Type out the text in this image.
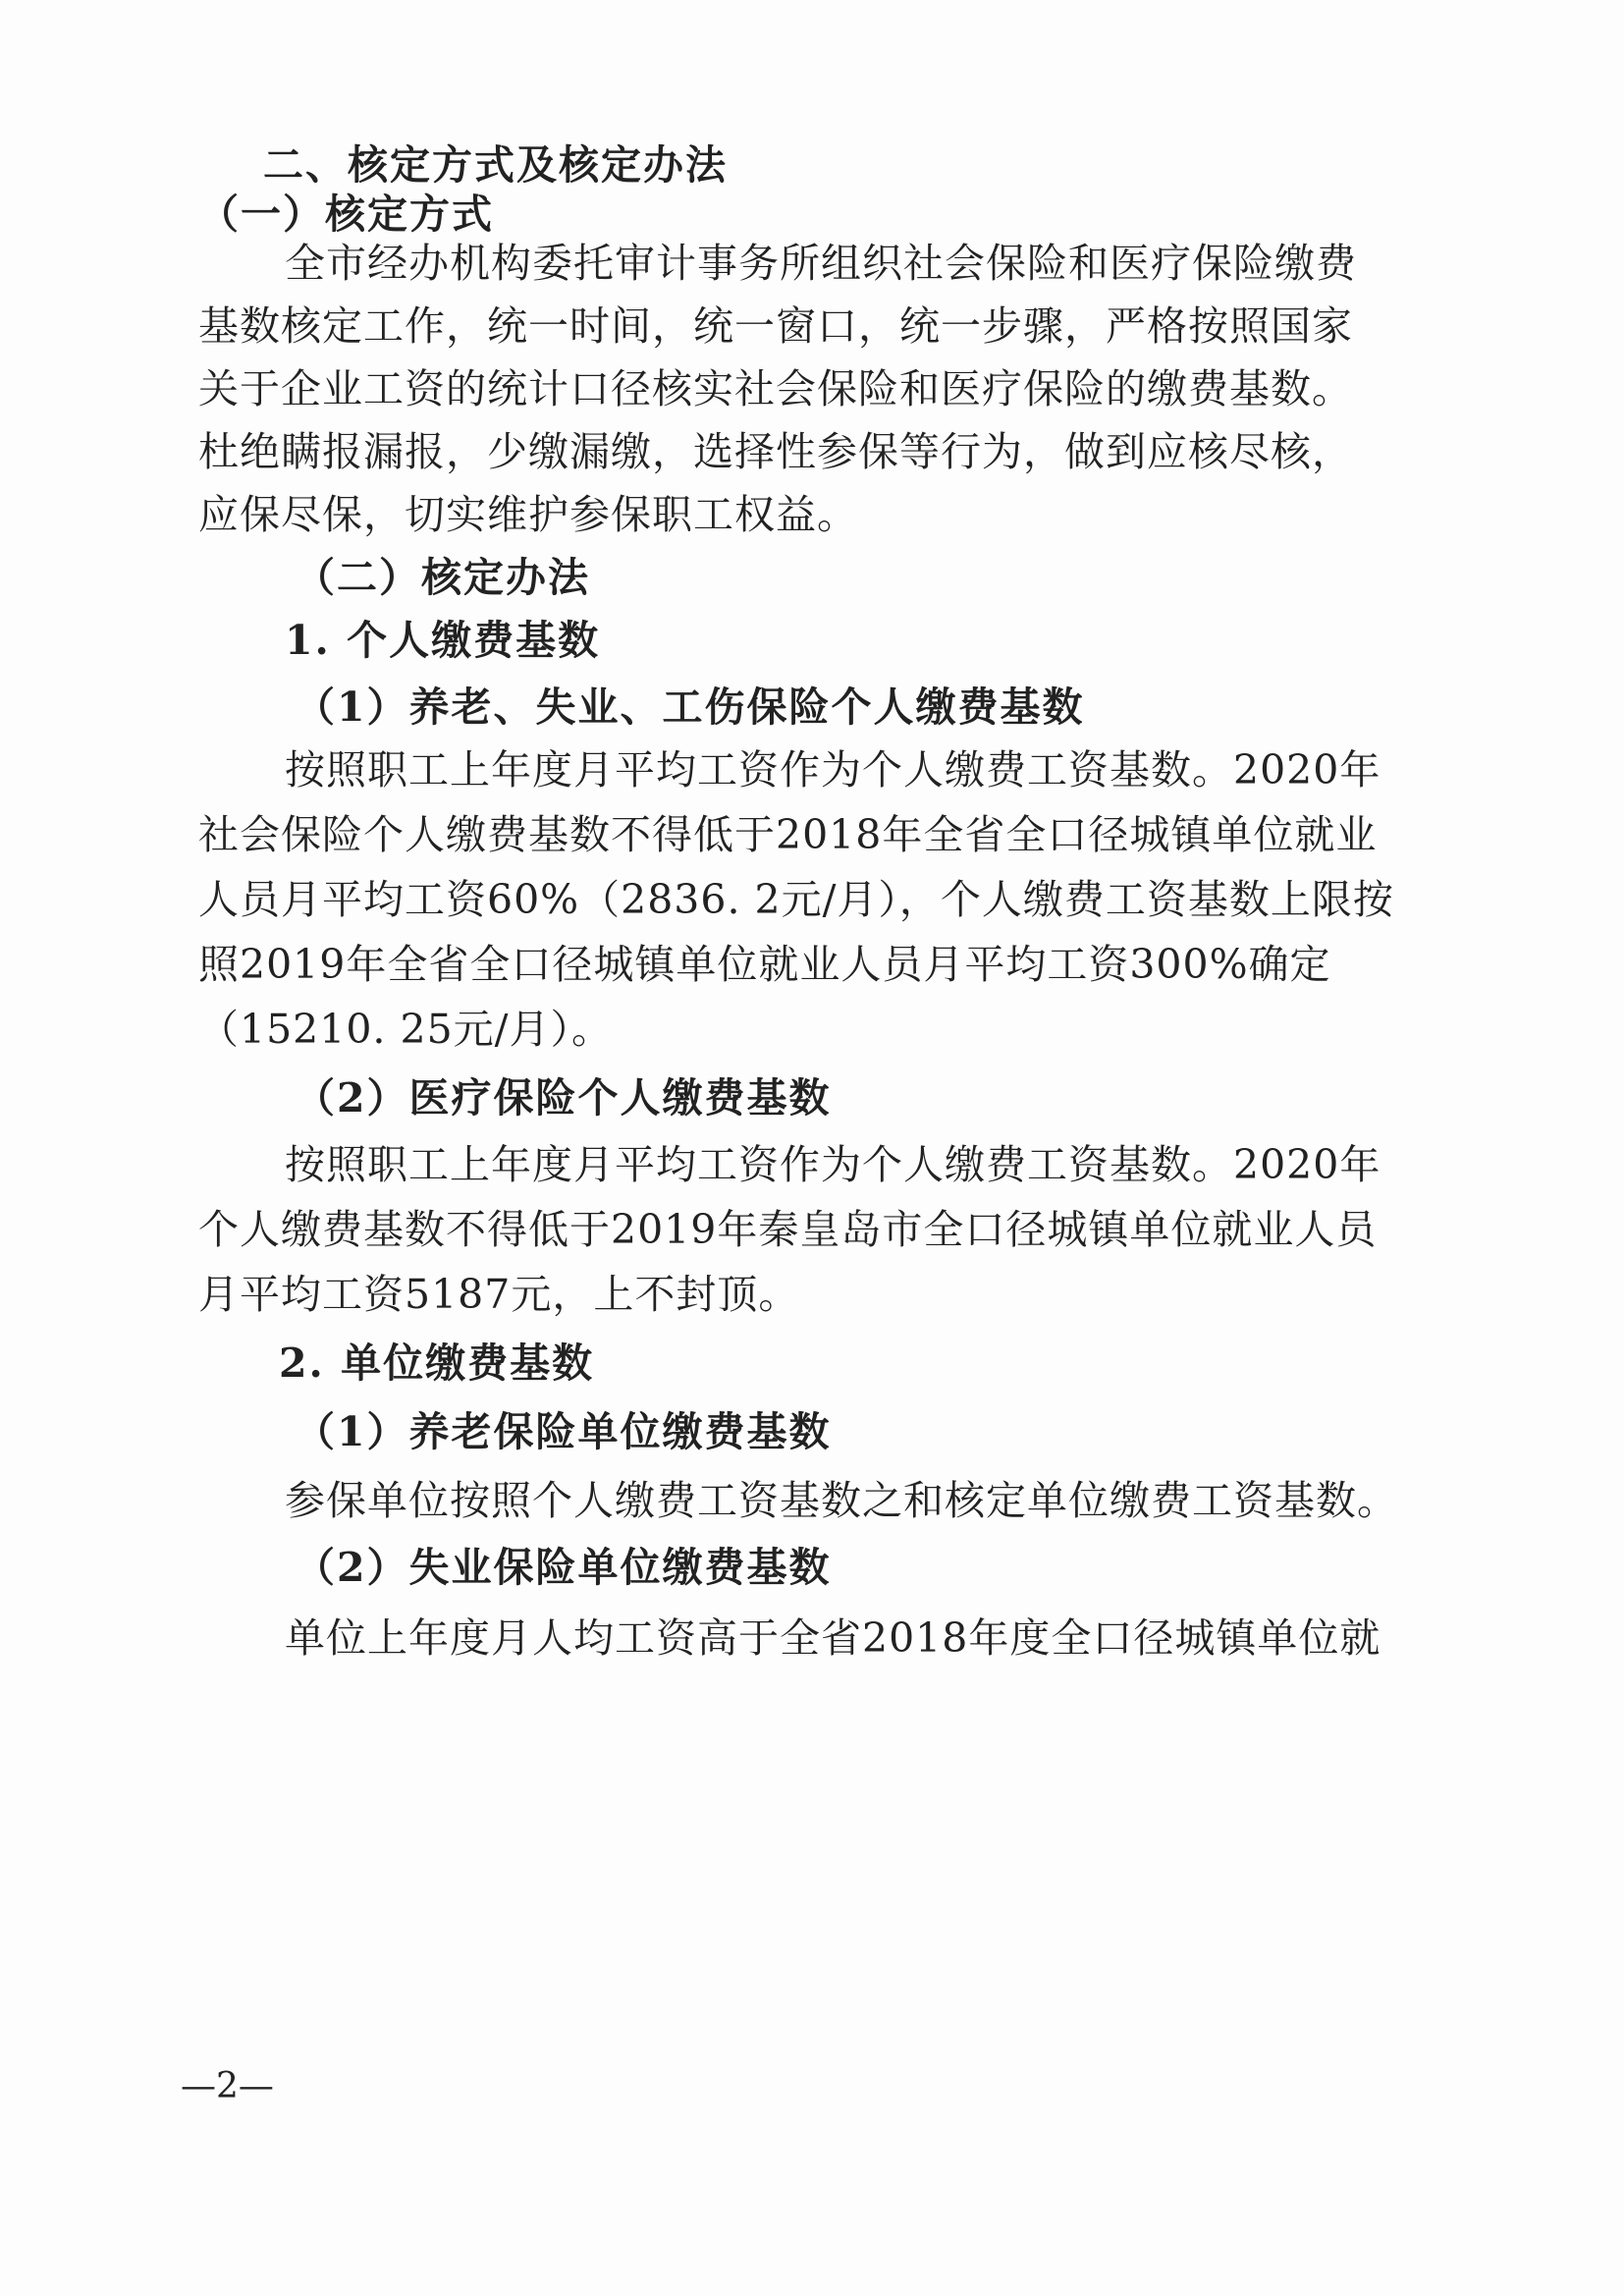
二、核定方式及核定办法
（一）核定方式
全市经办机构委托审计事务所组织社会保险和医疗保险缴费
基数核定工作，统一时间，统一窗口，统一步骤，严格按照国家
关于企业工资的统计口径核实社会保险和医疗保险的缴费基数。
杜绝瞒报漏报，少缴漏缴，选择性参保等行为，做到应核尽核，
应保尽保，切实维护参保职工权益。
（二）核定办法
1. 个人缴费基数
（1）养老、失业、工伤保险个人缴费基数
按照职工上年度月平均工资作为个人缴费工资基数。2020年
社会保险个人缴费基数不得低于2018年全省全口径城镇单位就业
人员月平均工资60%（2836. 2元/月），个人缴费工资基数上限按
照2019年全省全口径城镇单位就业人员月平均工资300%确定
（15210. 25元/月）。
（2）医疗保险个人缴费基数
按照职工上年度月平均工资作为个人缴费工资基数。2020年
个人缴费基数不得低于2019年秦皇岛市全口径城镇单位就业人员
月平均工资5187元，上不封顶。
2. 单位缴费基数
（1）养老保险单位缴费基数
参保单位按照个人缴费工资基数之和核定单位缴费工资基数。
（2）失业保险单位缴费基数
单位上年度月人均工资高于全省2018年度全口径城镇单位就
—2—
